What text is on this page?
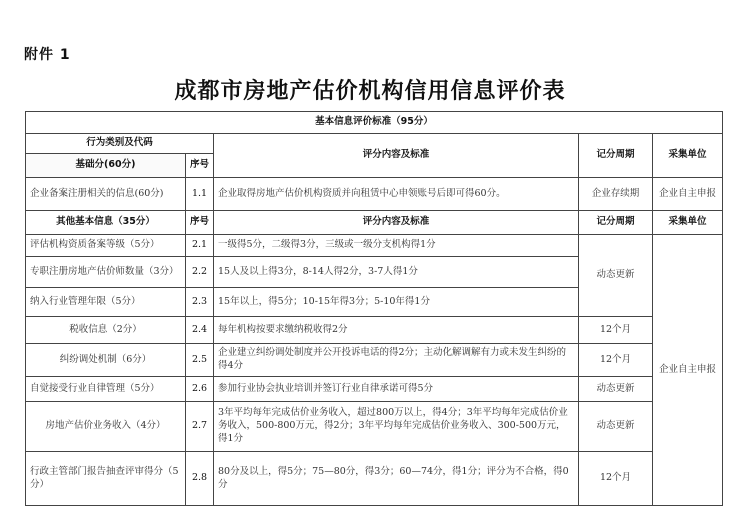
附件 1
成都市房地产估价机构信用信息评价表
基本信息评价标准（95分）					
行为类别及代码		评分内容及标准	记分周期	采集单位	
基础分(60分)	序号				
企业备案注册相关的信息(60分)	1.1	企业取得房地产估价机构资质并向租赁中心申领账号后即可得60分。	企业存续期	企业自主申报	
其他基本信息（35分）	序号	评分内容及标准	记分周期	采集单位	
评估机构资质备案等级（5分）	2.1	一级得5分，二级得3分，三级或一级分支机构得1分	动态更新	企业自主申报	
专职注册房地产估价师数量（3分）	2.2	15人及以上得3分，8-14人得2分，3-7人得1分			
纳入行业管理年限（5分）	2.3	15年以上，得5分；10-15年得3分；5-10年得1分			
税收信息（2分）	2.4	每年机构按要求缴纳税收得2分	12个月		
纠纷调处机制（6分）	2.5	企业建立纠纷调处制度并公开投诉电话的得2分；主动化解调解有力或未发生纠纷的得4分	12个月		
自觉接受行业自律管理（5分）	2.6	参加行业协会执业培训并签订行业自律承诺可得5分	动态更新		
房地产估价业务收入（4分）	2.7	3年平均每年完成估价业务收入，超过800万以上，得4分；3年平均每年完成估价业务收入，500-800万元，得2分；3年平均每年完成估价业务收入、300-500万元，得1分	动态更新		
行政主管部门报告抽查评审得分（5分）	2.8	80分及以上，得5分；75—80分，得3分；60—74分，得1分；评分为不合格，得0分	12个月	
